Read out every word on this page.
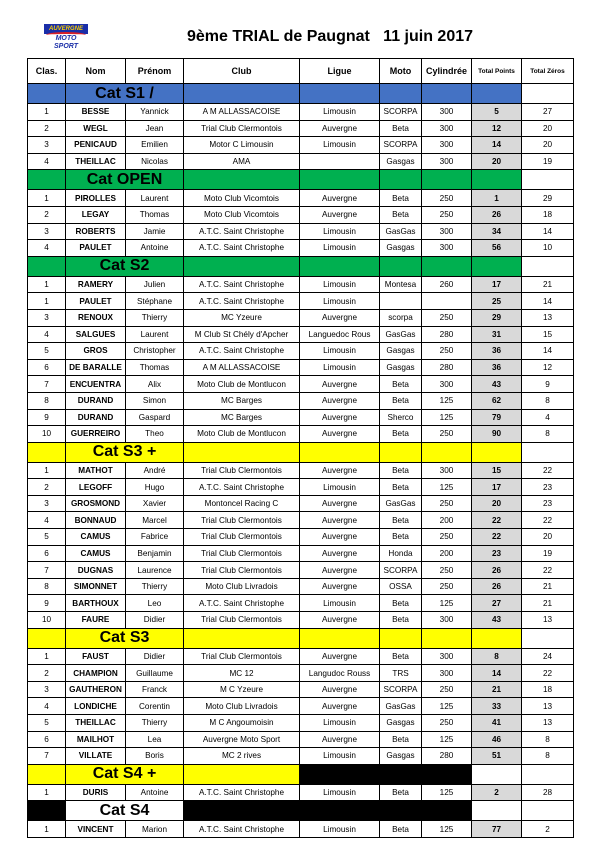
AUVERGNE
MOTO SPORT
9ème TRIAL de Paugnat   11 juin 2017
Clas.	Nom	Prénom	Club	Ligue	Moto	Cylindrée	Total Points	Total Zéros
	Cat S1 /							
1	BESSE	Yannick	A M ALLASSACOISE	Limousin	SCORPA	300	5	27
2	WEGL	Jean	Trial Club Clermontois	Auvergne	Beta	300	12	20
3	PENICAUD	Emilien	Motor C Limousin	Limousin	SCORPA	300	14	20
4	THEILLAC	Nicolas	AMA		Gasgas	300	20	19
	Cat OPEN							
1	PIROLLES	Laurent	Moto Club Vicomtois	Auvergne	Beta	250	1	29
2	LEGAY	Thomas	Moto Club Vicomtois	Auvergne	Beta	250	26	18
3	ROBERTS	Jamie	A.T.C. Saint Christophe	Limousin	GasGas	300	34	14
4	PAULET	Antoine	A.T.C. Saint Christophe	Limousin	Gasgas	300	56	10
	Cat S2							
1	RAMERY	Julien	A.T.C. Saint Christophe	Limousin	Montesa	260	17	21
1	PAULET	Stéphane	A.T.C. Saint Christophe	Limousin			25	14
3	RENOUX	Thierry	MC Yzeure	Auvergne	scorpa	250	29	13
4	SALGUES	Laurent	M Club St Chély d'Apcher	Languedoc Rous	GasGas	280	31	15
5	GROS	Christopher	A.T.C. Saint Christophe	Limousin	Gasgas	250	36	14
6	DE BARALLE	Thomas	A M ALLASSACOISE	Limousin	Gasgas	280	36	12
7	ENCUENTRA	Alix	Moto Club de Montlucon	Auvergne	Beta	300	43	9
8	DURAND	Simon	MC Barges	Auvergne	Beta	125	62	8
9	DURAND	Gaspard	MC Barges	Auvergne	Sherco	125	79	4
10	GUERREIRO	Theo	Moto Club de Montlucon	Auvergne	Beta	250	90	8
	Cat S3 +							
1	MATHOT	André	Trial Club Clermontois	Auvergne	Beta	300	15	22
2	LEGOFF	Hugo	A.T.C. Saint Christophe	Limousin	Beta	125	17	23
3	GROSMOND	Xavier	Montoncel Racing C	Auvergne	GasGas	250	20	23
4	BONNAUD	Marcel	Trial Club Clermontois	Auvergne	Beta	200	22	22
5	CAMUS	Fabrice	Trial Club Clermontois	Auvergne	Beta	250	22	20
6	CAMUS	Benjamin	Trial Club Clermontois	Auvergne	Honda	200	23	19
7	DUGNAS	Laurence	Trial Club Clermontois	Auvergne	SCORPA	250	26	22
8	SIMONNET	Thierry	Moto Club Livradois	Auvergne	OSSA	250	26	21
9	BARTHOUX	Leo	A.T.C. Saint Christophe	Limousin	Beta	125	27	21
10	FAURE	Didier	Trial Club Clermontois	Auvergne	Beta	300	43	13
	Cat S3							
1	FAUST	Didier	Trial Club Clermontois	Auvergne	Beta	300	8	24
2	CHAMPION	Guillaume	MC 12	Langudoc Rouss	TRS	300	14	22
3	GAUTHERON	Franck	M C Yzeure	Auvergne	SCORPA	250	21	18
4	LONDICHE	Corentin	Moto Club Livradois	Auvergne	GasGas	125	33	13
5	THEILLAC	Thierry	M C Angoumoisin	Limousin	Gasgas	250	41	13
6	MAILHOT	Lea	Auvergne Moto Sport	Auvergne	Beta	125	46	8
7	VILLATE	Boris	MC 2 rives	Limousin	Gasgas	280	51	8
	Cat S4 +							
1	DURIS	Antoine	A.T.C. Saint Christophe	Limousin	Beta	125	2	28
	Cat S4							
1	VINCENT	Marion	A.T.C. Saint Christophe	Limousin	Beta	125	77	2
